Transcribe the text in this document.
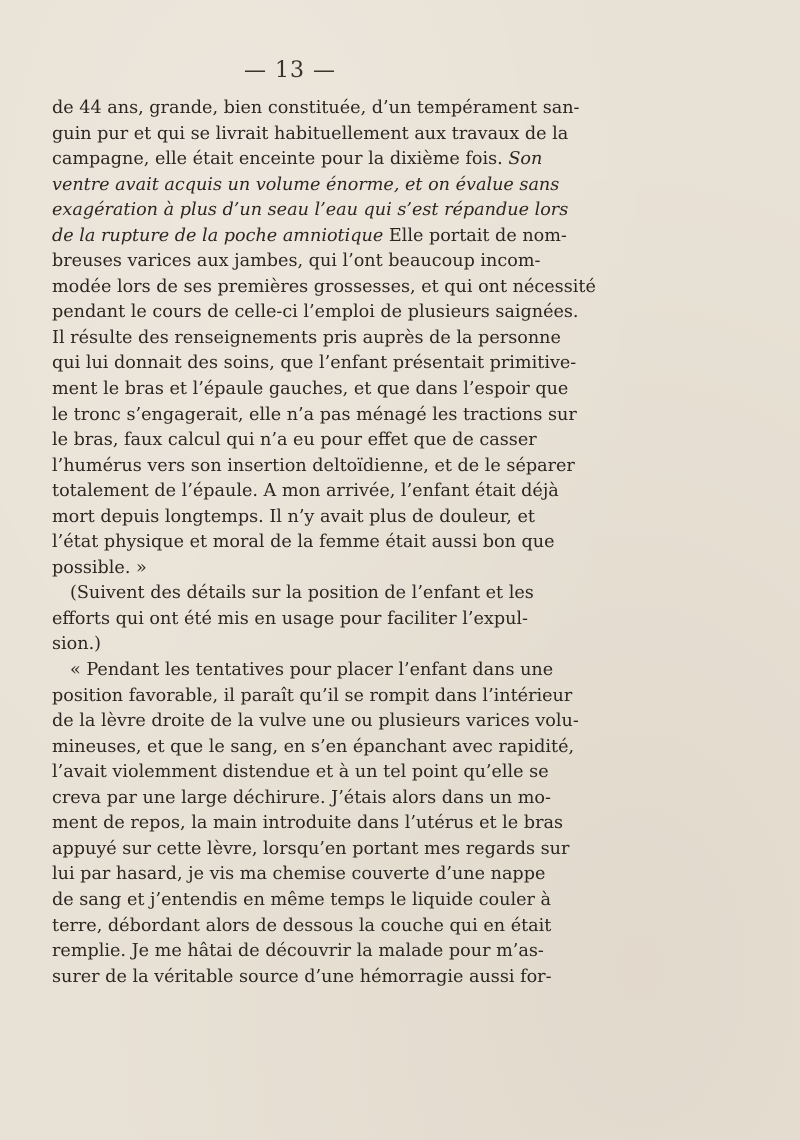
— 13 —
de 44 ans, grande, bien constituée, d’un tempérament san-
guin pur et qui se livrait habituellement aux travaux de la
campagne, elle était enceinte pour la dixième fois. Son
ventre avait acquis un volume énorme, et on évalue sans
exagération à plus d’un seau l’eau qui s’est répandue lors
de la rupture de la poche amniotique Elle portait de nom-
breuses varices aux jambes, qui l’ont beaucoup incom-
modée lors de ses premières grossesses, et qui ont nécessité
pendant le cours de celle-ci l’emploi de plusieurs saignées.
Il résulte des renseignements pris auprès de la personne
qui lui donnait des soins, que l’enfant présentait primitive-
ment le bras et l’épaule gauches, et que dans l’espoir que
le tronc s’engagerait, elle n’a pas ménagé les tractions sur
le bras, faux calcul qui n’a eu pour effet que de casser
l’humérus vers son insertion deltoïdienne, et de le séparer
totalement de l’épaule. A mon arrivée, l’enfant était déjà
mort depuis longtemps. Il n’y avait plus de douleur, et
l’état physique et moral de la femme était aussi bon que
possible. »
(Suivent des détails sur la position de l’enfant et les
efforts qui ont été mis en usage pour faciliter l’expul-
sion.)
« Pendant les tentatives pour placer l’enfant dans une
position favorable, il paraît qu’il se rompit dans l’intérieur
de la lèvre droite de la vulve une ou plusieurs varices volu-
mineuses, et que le sang, en s’en épanchant avec rapidité,
l’avait violemment distendue et à un tel point qu’elle se
creva par une large déchirure. J’étais alors dans un mo-
ment de repos, la main introduite dans l’utérus et le bras
appuyé sur cette lèvre, lorsqu’en portant mes regards sur
lui par hasard, je vis ma chemise couverte d’une nappe
de sang et j’entendis en même temps le liquide couler à
terre, débordant alors de dessous la couche qui en était
remplie. Je me hâtai de découvrir la malade pour m’as-
surer de la véritable source d’une hémorragie aussi for-
